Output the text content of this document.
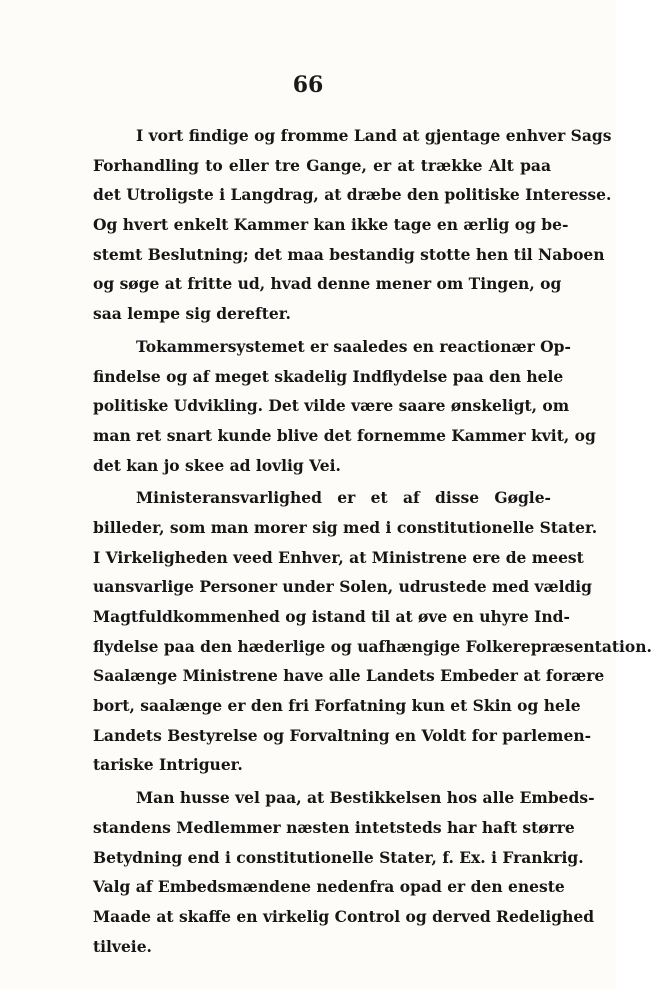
66
I vort findige og fromme Land at gjentage enhver Sags
Forhandling to eller tre Gange, er at trække Alt paa
det Utroligste i Langdrag, at dræbe den politiske Interesse.
Og hvert enkelt Kammer kan ikke tage en ærlig og be-
stemt Beslutning; det maa bestandig stotte hen til Naboen
og søge at fritte ud, hvad denne mener om Tingen, og
saa lempe sig derefter.
Tokammersystemet er saaledes en reactionær Op-
findelse og af meget skadelig Indflydelse paa den hele
politiske Udvikling. Det vilde være saare ønskeligt, om
man ret snart kunde blive det fornemme Kammer kvit, og
det kan jo skee ad lovlig Vei.
Ministeransvarlighed er et af disse Gøgle-
billeder, som man morer sig med i constitutionelle Stater.
I Virkeligheden veed Enhver, at Ministrene ere de meest
uansvarlige Personer under Solen, udrustede med vældig
Magtfuldkommenhed og istand til at øve en uhyre Ind-
flydelse paa den hæderlige og uafhængige Folkerepræsentation.
Saalænge Ministrene have alle Landets Embeder at forære
bort, saalænge er den fri Forfatning kun et Skin og hele
Landets Bestyrelse og Forvaltning en Voldt for parlemen-
tariske Intriguer.
Man husse vel paa, at Bestikkelsen hos alle Embeds-
standens Medlemmer næsten intetsteds har haft større
Betydning end i constitutionelle Stater, f. Ex. i Frankrig.
Valg af Embedsmændene nedenfra opad er den eneste
Maade at skaffe en virkelig Control og derved Redelighed
tilveie.
